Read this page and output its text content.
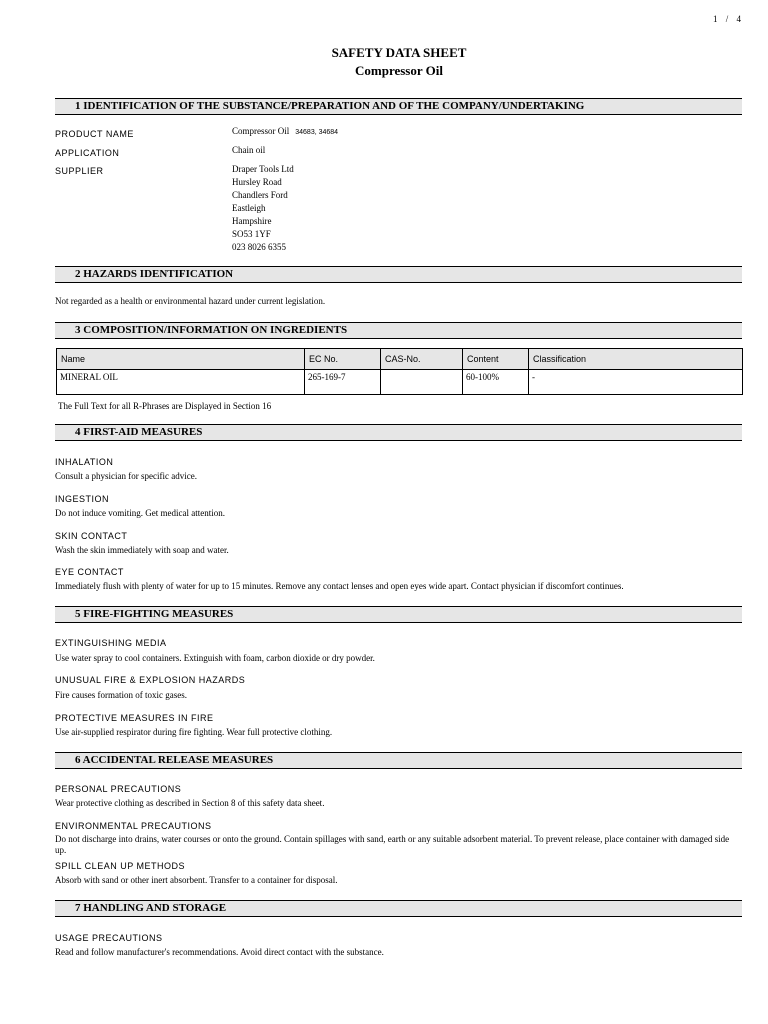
1 / 4
SAFETY DATA SHEET
Compressor Oil
1 IDENTIFICATION OF THE SUBSTANCE/PREPARATION AND OF THE COMPANY/UNDERTAKING
PRODUCT NAME	Compressor Oil 34683, 34684
APPLICATION	Chain oil
SUPPLIER	Draper Tools Ltd
Hursley Road
Chandlers Ford
Eastleigh
Hampshire
SO53 1YF
023 8026 6355
2 HAZARDS IDENTIFICATION
Not regarded as a health or environmental hazard under current legislation.
3 COMPOSITION/INFORMATION ON INGREDIENTS
Name	EC No.	CAS-No.	Content	Classification
MINERAL OIL	265-169-7		60-100%	-
The Full Text for all R-Phrases are Displayed in Section 16
4 FIRST-AID MEASURES
INHALATION
Consult a physician for specific advice.
INGESTION
Do not induce vomiting. Get medical attention.
SKIN CONTACT
Wash the skin immediately with soap and water.
EYE CONTACT
Immediately flush with plenty of water for up to 15 minutes. Remove any contact lenses and open eyes wide apart. Contact physician if discomfort continues.
5 FIRE-FIGHTING MEASURES
EXTINGUISHING MEDIA
Use water spray to cool containers. Extinguish with foam, carbon dioxide or dry powder.
UNUSUAL FIRE & EXPLOSION HAZARDS
Fire causes formation of toxic gases.
PROTECTIVE MEASURES IN FIRE
Use air-supplied respirator during fire fighting. Wear full protective clothing.
6 ACCIDENTAL RELEASE MEASURES
PERSONAL PRECAUTIONS
Wear protective clothing as described in Section 8 of this safety data sheet.
ENVIRONMENTAL PRECAUTIONS
Do not discharge into drains, water courses or onto the ground. Contain spillages with sand, earth or any suitable adsorbent material. To prevent release, place container with damaged side up.
SPILL CLEAN UP METHODS
Absorb with sand or other inert absorbent. Transfer to a container for disposal.
7 HANDLING AND STORAGE
USAGE PRECAUTIONS
Read and follow manufacturer's recommendations. Avoid direct contact with the substance.
